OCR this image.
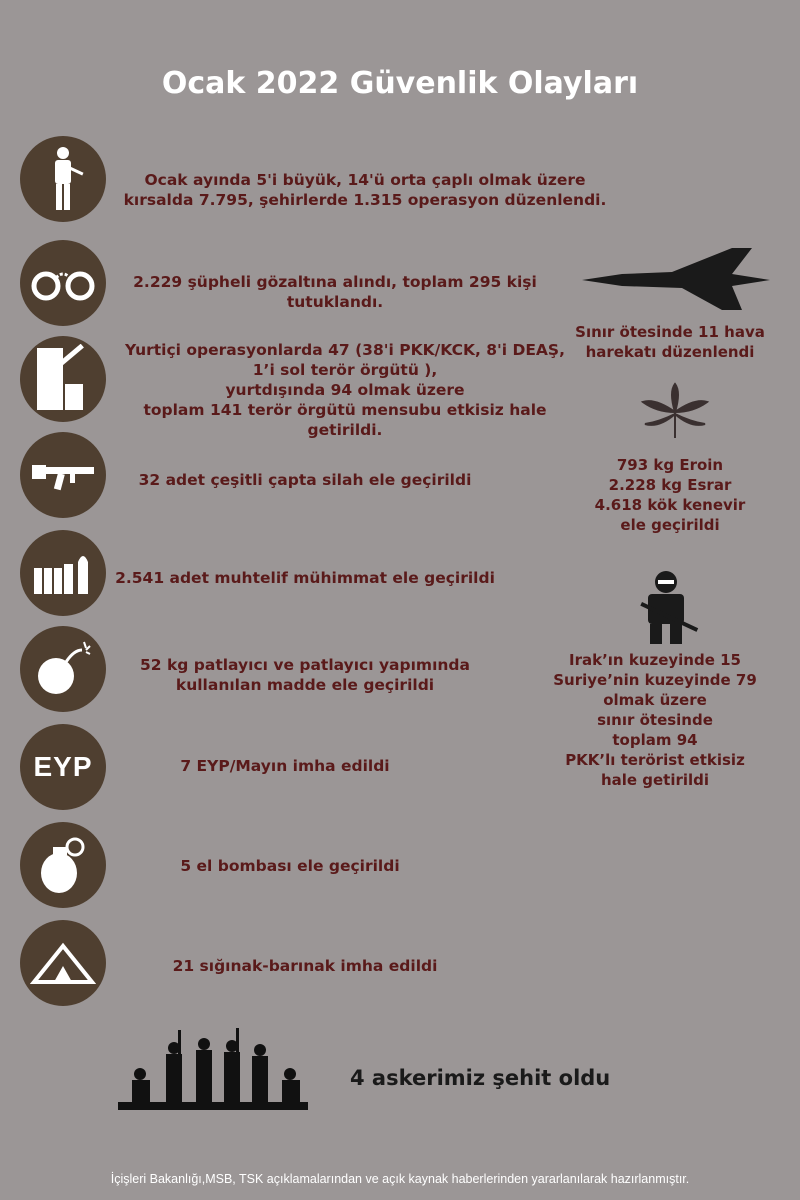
Ocak 2022 Güvenlik Olayları
Ocak ayında 5'i büyük, 14'ü orta çaplı olmak üzere
kırsalda 7.795, şehirlerde 1.315 operasyon düzenlendi.
2.229 şüpheli gözaltına alındı, toplam 295 kişi tutuklandı.
Yurtiçi operasyonlarda 47 (38'i PKK/KCK, 8'i DEAŞ,
1’i sol terör örgütü ),
yurtdışında 94 olmak üzere
toplam 141 terör örgütü mensubu etkisiz hale getirildi.
32 adet çeşitli çapta silah ele geçirildi
2.541 adet muhtelif mühimmat ele geçirildi
52 kg patlayıcı ve patlayıcı yapımında
kullanılan madde ele geçirildi
EYP	7 EYP/Mayın imha edildi
5 el bombası ele geçirildi
21 sığınak-barınak imha edildi
Sınır ötesinde 11 hava
harekatı düzenlendi
793 kg Eroin
2.228 kg Esrar
4.618 kök kenevir
ele geçirildi
Irak’ın kuzeyinde 15
Suriye’nin kuzeyinde 79
olmak üzere
sınır ötesinde
toplam 94
PKK’lı terörist etkisiz
hale getirildi
4 askerimiz şehit oldu
İçişleri Bakanlığı,MSB, TSK açıklamalarından ve açık kaynak haberlerinden yararlanılarak hazırlanmıştır.
